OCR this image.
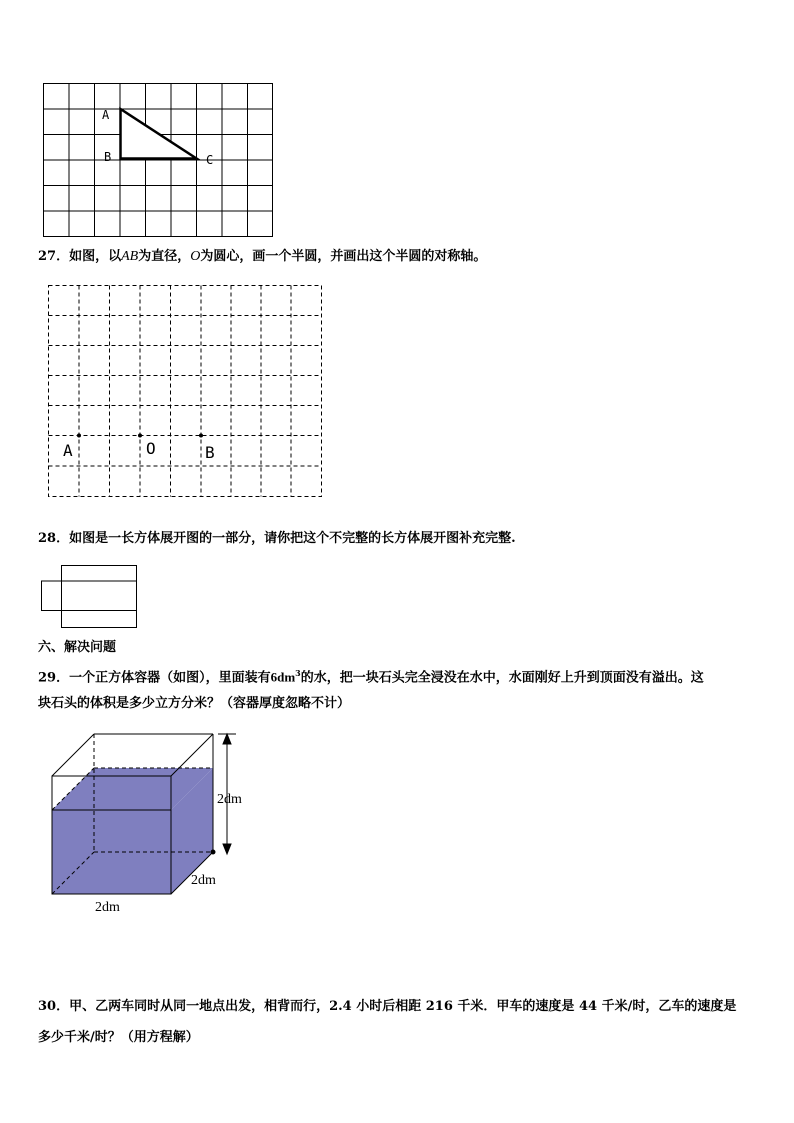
A
B	C
27．如图，以AB为直径，O为圆心，画一个半圆，并画出这个半圆的对称轴。
A	O	B
28．如图是一长方体展开图的一部分，请你把这个不完整的长方体展开图补充完整.
六、解决问题
29．一个正方体容器（如图），里面装有$6dm^3$的水，把一块石头完全浸没在水中，水面刚好上升到顶面没有溢出。这
块石头的体积是多少立方分米？（容器厚度忽略不计）
2dm
2dm
2dm
30．甲、乙两车同时从同一地点出发，相背而行，2.4 小时后相距 216 千米．甲车的速度是 44 千米/时，乙车的速度是
多少千米/时？（用方程解）
